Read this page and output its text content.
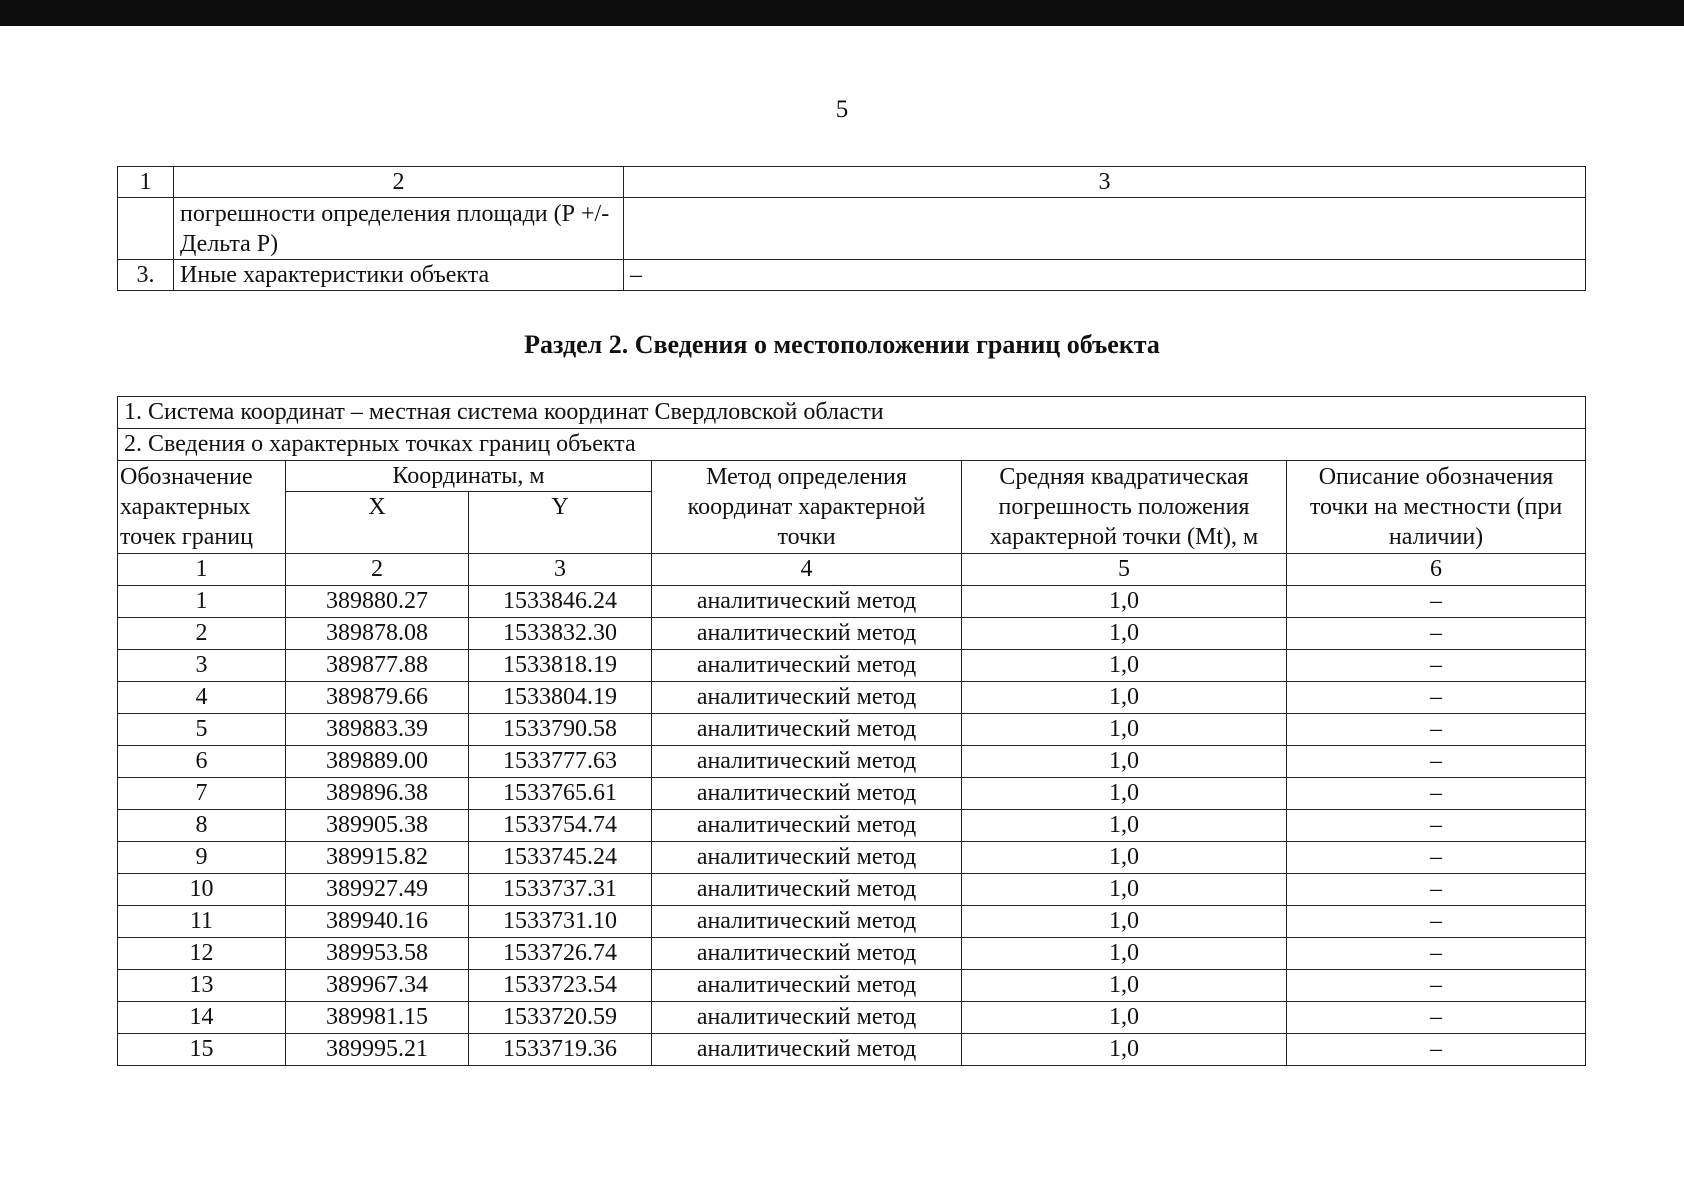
5
1	2	3
	погрешности определения площади (Р +/- Дельта Р)	
3.	Иные характеристики объекта	–
Раздел 2. Сведения о местоположении границ объекта
1. Система координат – местная система координат Свердловской области					
2. Сведения о характерных точках границ объекта					
Обозначение характерных точек границ	Координаты, м		Метод определения координат характерной точки	Средняя квадратическая погрешность положения характерной точки (Mt), м	Описание обозначения точки на местности (при наличии)
	X	Y			
1	2	3	4	5	6
1	389880.27	1533846.24	аналитический метод	1,0	–
2	389878.08	1533832.30	аналитический метод	1,0	–
3	389877.88	1533818.19	аналитический метод	1,0	–
4	389879.66	1533804.19	аналитический метод	1,0	–
5	389883.39	1533790.58	аналитический метод	1,0	–
6	389889.00	1533777.63	аналитический метод	1,0	–
7	389896.38	1533765.61	аналитический метод	1,0	–
8	389905.38	1533754.74	аналитический метод	1,0	–
9	389915.82	1533745.24	аналитический метод	1,0	–
10	389927.49	1533737.31	аналитический метод	1,0	–
11	389940.16	1533731.10	аналитический метод	1,0	–
12	389953.58	1533726.74	аналитический метод	1,0	–
13	389967.34	1533723.54	аналитический метод	1,0	–
14	389981.15	1533720.59	аналитический метод	1,0	–
15	389995.21	1533719.36	аналитический метод	1,0	–
